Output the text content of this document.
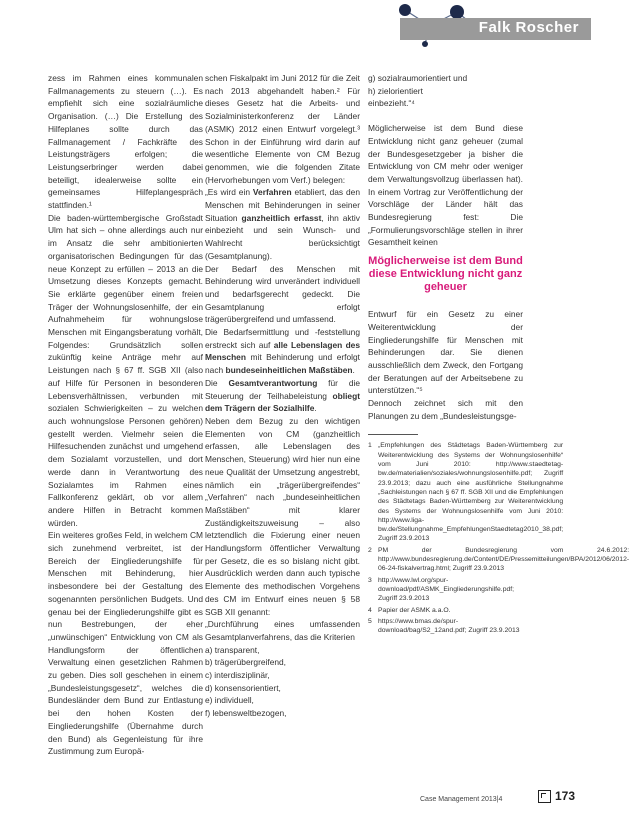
Falk Roscher

zess im Rahmen eines kommunalen Fallmanagements zu steuern (…). Es empfiehlt sich eine sozialräumliche Organisation. (…) Die Erstellung des Hilfeplanes sollte durch das Fallmanagement / Fachkräfte des Leistungsträgers erfolgen; die Leistungserbringer werden dabei beteiligt, idealerweise sollte ein gemeinsames Hilfeplangespräch stattfinden.¹

Die baden-württembergische Großstadt Ulm hat sich – ohne allerdings auch nur im Ansatz die sehr ambitionierten organisatorischen Bedingungen für das neue Konzept zu erfüllen – 2013 an die Umsetzung dieses Konzepts gemacht. Sie erklärte gegenüber einem freien Träger der Wohnungslosenhilfe, der ein Aufnahmeheim für wohnungslose Menschen mit Eingangsberatung vorhält, Folgendes: Grundsätzlich sollen zukünftig keine Anträge mehr auf Leistungen nach § 67 ff. SGB XII (also auf Hilfe für Personen in besonderen Lebensverhältnissen, verbunden mit sozialen Schwierigkeiten – zu welchen auch wohnungslose Personen gehören) gestellt werden. Vielmehr seien die Hilfesuchenden zunächst und umgehend dem Sozialamt vorzustellen, und dort werde dann in Verantwortung des Sozialamtes im Rahmen eines Fallkonferenz geklärt, ob vor allem andere Hilfen in Betracht kommen würden.

Ein weiteres großes Feld, in welchem CM sich zunehmend verbreitet, ist der Bereich der Eingliederungshilfe für Menschen mit Behinderung, hier insbesondere bei der Gestaltung des sogenannten persönlichen Budgets. Und genau bei der Eingliederungshilfe gibt es nun Bestrebungen, der eher „unwünschigen“ Entwicklung von CM als Handlungsform der öffentlichen Verwaltung einen gesetzlichen Rahmen zu geben. Dies soll geschehen in einem „Bundesleistungsgesetz“, welches die Bundesländer dem Bund zur Entlastung bei den hohen Kosten der Eingliederungshilfe (Übernahme durch den Bund) als Gegenleistung für ihre Zustimmung zum Europä-

schen Fiskalpakt im Juni 2012 für die Zeit nach 2013 abgehandelt haben.² Für dieses Gesetz hat die Arbeits- und Sozialministerkonferenz der Länder (ASMK) 2012 einen Entwurf vorgelegt.³ Schon in der Einführung wird darin auf wesentliche Elemente von CM Bezug genommen, wie die folgenden Zitate (Hervorhebungen vom Verf.) belegen:

„Es wird ein Verfahren etabliert, das den Menschen mit Behinderungen in seiner Situation ganzheitlich erfasst, ihn aktiv einbezieht und sein Wunsch- und Wahlrecht berücksichtigt (Gesamtplanung).

Der Bedarf des Menschen mit Behinderung wird unverändert individuell und bedarfsgerecht gedeckt. Die Gesamtplanung erfolgt trägerübergreifend und umfassend.

Die Bedarfsermittlung und -feststellung erstreckt sich auf alle Lebenslagen des Menschen mit Behinderung und erfolgt nach bundeseinheitlichen Maßstäben.

Die Gesamtverantwortung für die Steuerung der Teilhabeleistung obliegt dem Trägern der Sozialhilfe.

Neben dem Bezug zu den wichtigen Elementen von CM (ganzheitlich erfassen, alle Lebenslagen des Menschen, Steuerung) wird hier nun eine neue Qualität der Umsetzung angestrebt, nämlich ein „trägerübergreifendes“ „Verfahren“ nach „bundeseinheitlichen Maßstäben“ mit klarer Zuständigkeitszuweisung – also letztendlich die Fixierung einer neuen Handlungsform öffentlicher Verwaltung per Gesetz, die es so bislang nicht gibt. Ausdrücklich werden dann auch typische Elemente des methodischen Vorgehens des CM im Entwurf eines neuen § 58 SGB XII genannt:

„Durchführung eines umfassenden Gesamtplanverfahrens, das die Kriterien

a) transparent,

b) trägerübergreifend,

c) interdisziplinär,

d) konsensorientiert,

e) individuell,

f) lebensweltbezogen,

g) sozialraumorientiert und

h) zielorientiert

einbezieht.“⁴

Möglicherweise ist dem Bund diese Entwicklung nicht ganz geheuer (zumal der Bundesgesetzgeber ja bisher die Entwicklung von CM mehr oder weniger dem Verwaltungsvollzug überlassen hat). In einem Vortrag zur Veröffentlichung der Vorschläge der Länder hält das Bundesregierung fest: Die „Formulierungsvorschläge stellen in ihrer Gesamtheit keinen

Möglicherweise ist dem Bund diese Entwicklung nicht ganz geheuer

Entwurf für ein Gesetz zu einer Weiterentwicklung der Eingliederungshilfe für Menschen mit Behinderungen dar. Sie dienen ausschließlich dem Zweck, den Fortgang der Beratungen auf der Arbeitsebene zu unterstützen.“⁵

Dennoch zeichnet sich mit den Planungen zu dem „Bundesleistungsge-

1 „Empfehlungen des Städtetags Baden-Württemberg zur Weiterentwicklung des Systems der Wohnungslosenhilfe“ vom Juni 2010: http://www.staedtetag-bw.de/materialien/soziales/wohnungslosenhilfe.pdf; Zugriff 23.9.2013; dazu auch eine ausführliche Stellungnahme „Sachleistungen nach § 67 ff. SGB XII und die Empfehlungen des Städtetags Baden-Württemberg zur Weiterentwicklung des Systems der Wohnungslosenhilfe vom Juni 2010: http://www.liga-bw.de/Stellungnahme_EmpfehlungenStaedtetag2010_38.pdf; Zugriff 23.9.2013
2 PM der Bundesregierung vom 24.6.2012: http://www.bundesregierung.de/Content/DE/Pressemitteilungen/BPA/2012/06/2012-06-24-fiskalvertrag.html; Zugriff 23.9.2013
3 http://www.lwl.org/spur-download/pdf/ASMK_Eingliederungshilfe.pdf; Zugriff 23.9.2013
4 Papier der ASMK a.a.O.
5 https://www.bmas.de/spur-download/bag/S2_12and.pdf; Zugriff 23.9.2013
Case Management 2013|4	173
